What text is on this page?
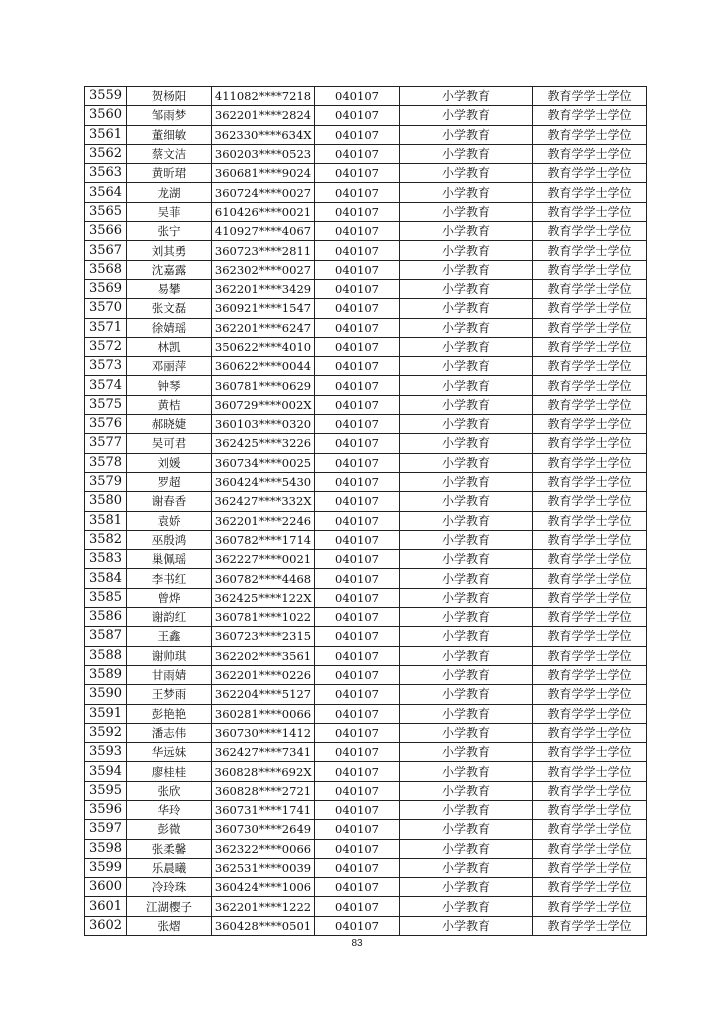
3559	贺杨阳	411082****7218	040107	小学教育	教育学学士学位
3560	邹雨梦	362201****2824	040107	小学教育	教育学学士学位
3561	董细敏	362330****634X	040107	小学教育	教育学学士学位
3562	蔡文洁	360203****0523	040107	小学教育	教育学学士学位
3563	黄昕珺	360681****9024	040107	小学教育	教育学学士学位
3564	龙湖	360724****0027	040107	小学教育	教育学学士学位
3565	吴菲	610426****0021	040107	小学教育	教育学学士学位
3566	张宁	410927****4067	040107	小学教育	教育学学士学位
3567	刘其勇	360723****2811	040107	小学教育	教育学学士学位
3568	沈嘉露	362302****0027	040107	小学教育	教育学学士学位
3569	易攀	362201****3429	040107	小学教育	教育学学士学位
3570	张文磊	360921****1547	040107	小学教育	教育学学士学位
3571	徐婧瑶	362201****6247	040107	小学教育	教育学学士学位
3572	林凯	350622****4010	040107	小学教育	教育学学士学位
3573	邓丽萍	360622****0044	040107	小学教育	教育学学士学位
3574	钟琴	360781****0629	040107	小学教育	教育学学士学位
3575	黄桔	360729****002X	040107	小学教育	教育学学士学位
3576	郝晓婕	360103****0320	040107	小学教育	教育学学士学位
3577	吴可君	362425****3226	040107	小学教育	教育学学士学位
3578	刘媛	360734****0025	040107	小学教育	教育学学士学位
3579	罗超	360424****5430	040107	小学教育	教育学学士学位
3580	谢春香	362427****332X	040107	小学教育	教育学学士学位
3581	袁娇	362201****2246	040107	小学教育	教育学学士学位
3582	巫殷鸿	360782****1714	040107	小学教育	教育学学士学位
3583	巢佩瑶	362227****0021	040107	小学教育	教育学学士学位
3584	李书红	360782****4468	040107	小学教育	教育学学士学位
3585	曾烨	362425****122X	040107	小学教育	教育学学士学位
3586	谢韵红	360781****1022	040107	小学教育	教育学学士学位
3587	王鑫	360723****2315	040107	小学教育	教育学学士学位
3588	谢帅琪	362202****3561	040107	小学教育	教育学学士学位
3589	甘雨婧	362201****0226	040107	小学教育	教育学学士学位
3590	王梦雨	362204****5127	040107	小学教育	教育学学士学位
3591	彭艳艳	360281****0066	040107	小学教育	教育学学士学位
3592	潘志伟	360730****1412	040107	小学教育	教育学学士学位
3593	华远妹	362427****7341	040107	小学教育	教育学学士学位
3594	廖桂桂	360828****692X	040107	小学教育	教育学学士学位
3595	张欣	360828****2721	040107	小学教育	教育学学士学位
3596	华玲	360731****1741	040107	小学教育	教育学学士学位
3597	彭微	360730****2649	040107	小学教育	教育学学士学位
3598	张柔馨	362322****0066	040107	小学教育	教育学学士学位
3599	乐晨曦	362531****0039	040107	小学教育	教育学学士学位
3600	冷玲珠	360424****1006	040107	小学教育	教育学学士学位
3601	江湖樱子	362201****1222	040107	小学教育	教育学学士学位
3602	张熠	360428****0501	040107	小学教育	教育学学士学位
83
